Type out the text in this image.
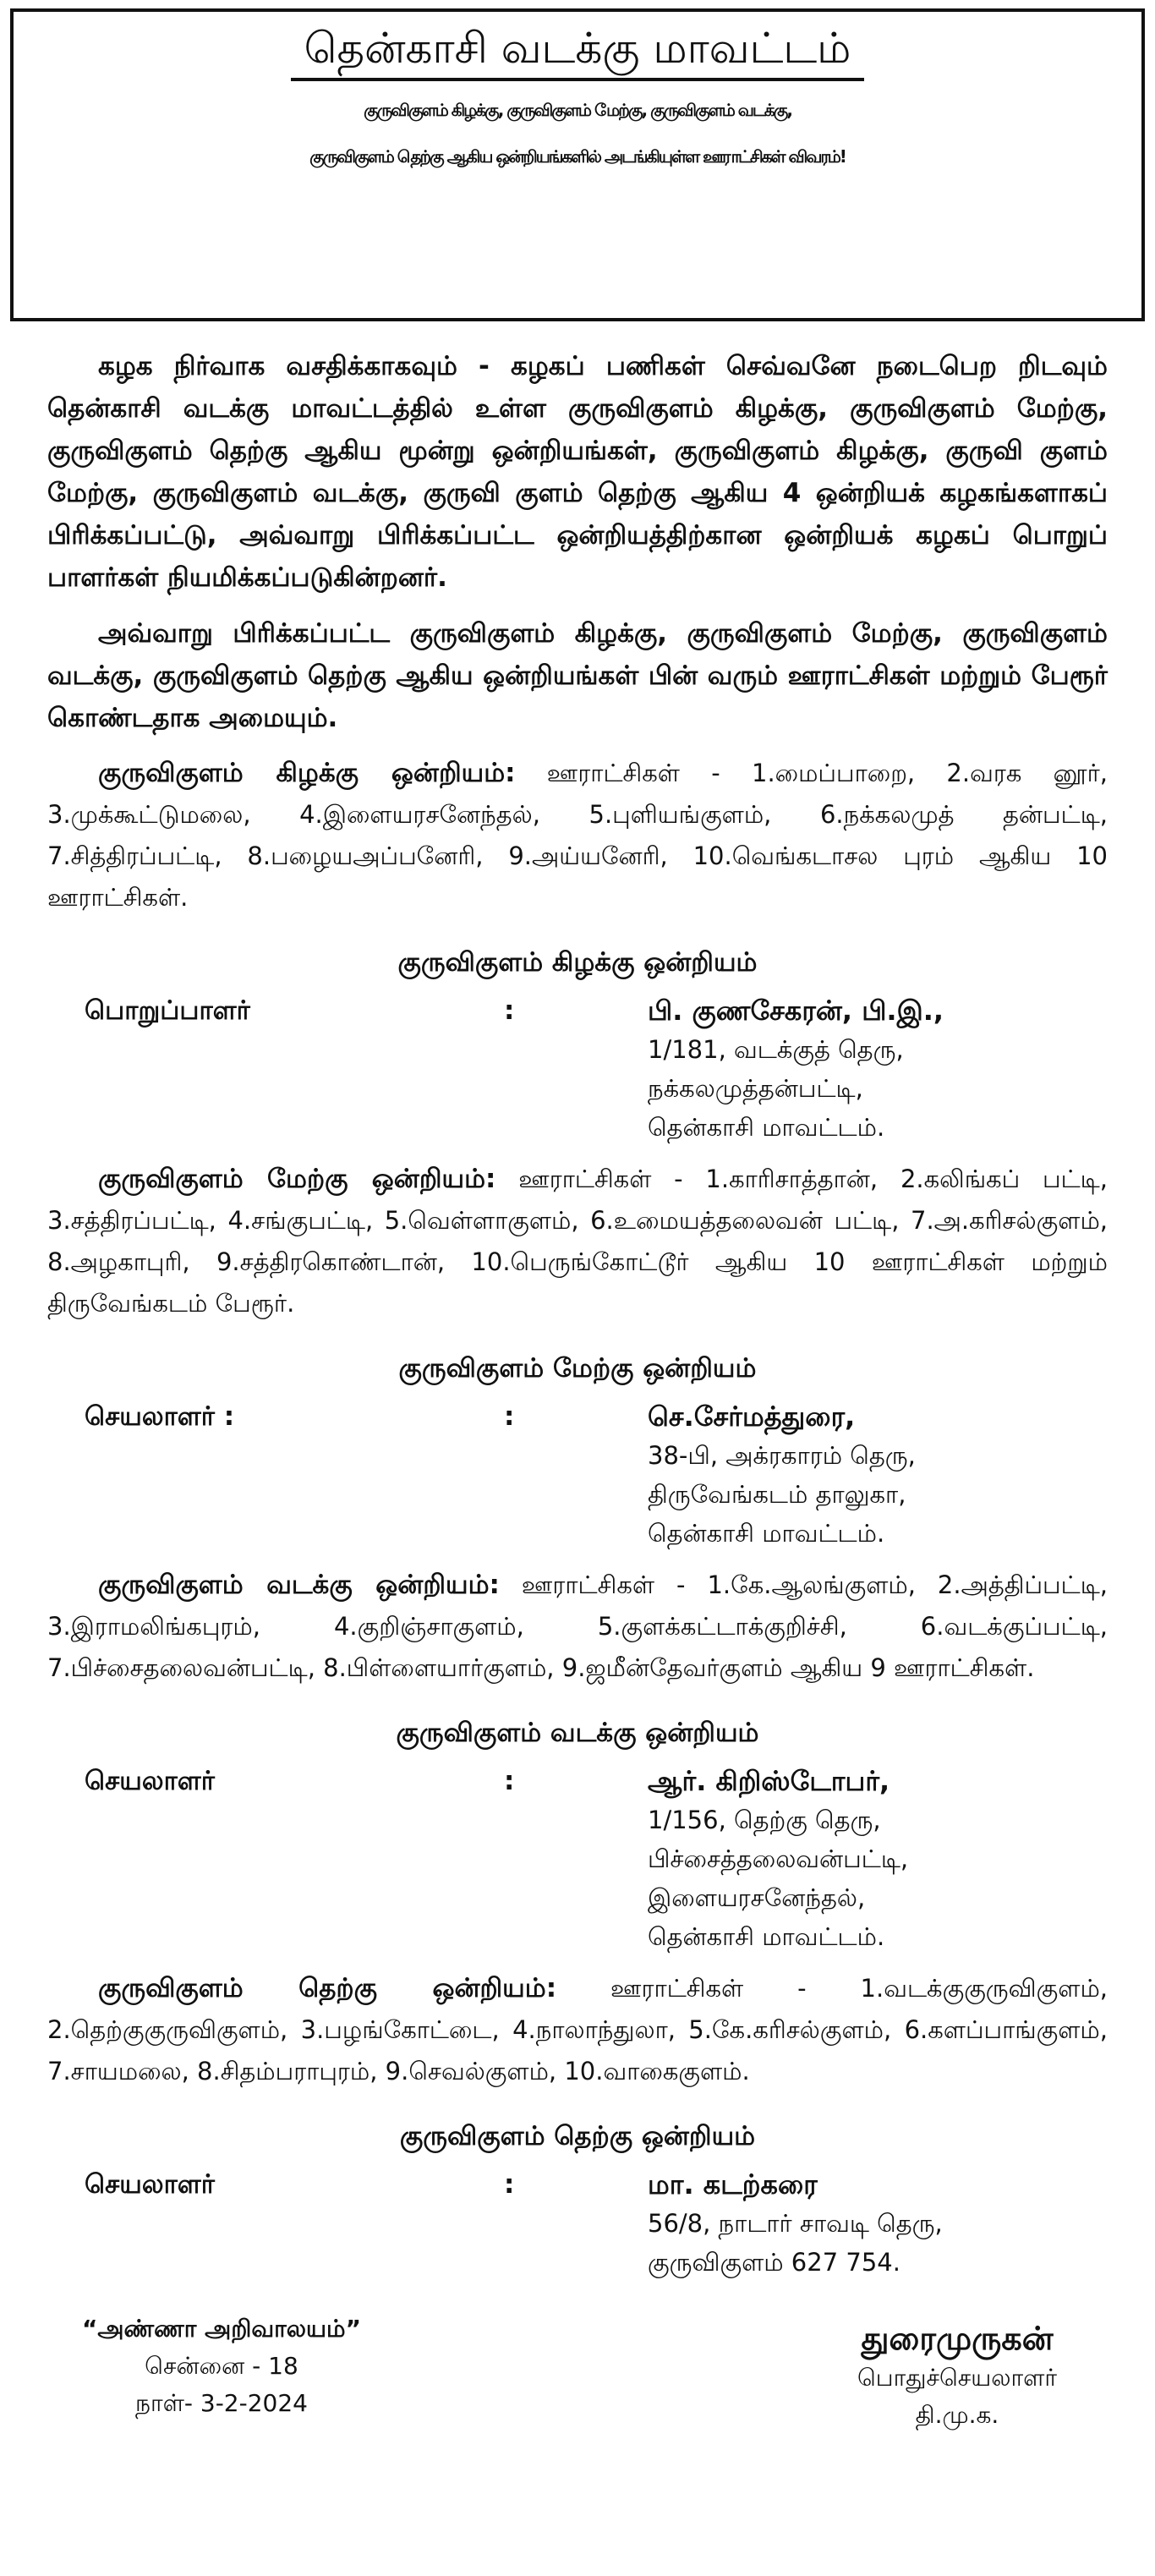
தென்காசி வடக்கு மாவட்டம்
குருவிகுளம் கிழக்கு, குருவிகுளம் மேற்கு, குருவிகுளம் வடக்கு,
குருவிகுளம் தெற்கு ஆகிய ஒன்றியங்களில் அடங்கியுள்ள ஊராட்சிகள் விவரம்!

கழக நிர்வாக வசதிக்காகவும் - கழகப் பணிகள் செவ்வனே நடைபெற றிடவும் தென்காசி வடக்கு மாவட்டத்தில் உள்ள குருவிகுளம் கிழக்கு, குருவிகுளம் மேற்கு, குருவிகுளம் தெற்கு ஆகிய மூன்று ஒன்றியங்கள், குருவிகுளம் கிழக்கு, குருவி குளம் மேற்கு, குருவிகுளம் வடக்கு, குருவி குளம் தெற்கு ஆகிய 4 ஒன்றியக் கழகங்களாகப் பிரிக்கப்பட்டு, அவ்வாறு பிரிக்கப்பட்ட ஒன்றியத்திற்கான ஒன்றியக் கழகப் பொறுப் பாளர்கள் நியமிக்கப்படுகின்றனர்.

அவ்வாறு பிரிக்கப்பட்ட குருவிகுளம் கிழக்கு, குருவிகுளம் மேற்கு, குருவிகுளம் வடக்கு, குருவிகுளம் தெற்கு ஆகிய ஒன்றியங்கள் பின் வரும் ஊராட்சிகள் மற்றும் பேரூர் கொண்டதாக அமையும்.

குருவிகுளம் கிழக்கு ஒன்றியம்: ஊராட்சிகள் - 1.மைப்பாறை, 2.வரக னூர், 3.முக்கூட்டுமலை, 4.இளையரசனேந்தல், 5.புளியங்குளம், 6.நக்கலமுத் தன்பட்டி, 7.சித்திரப்பட்டி, 8.பழையஅப்பனேரி, 9.அய்யனேரி, 10.வெங்கடாசல புரம் ஆகிய 10 ஊராட்சிகள்.

குருவிகுளம் கிழக்கு ஒன்றியம்
பொறுப்பாளர்	:	பி. குணசேகரன், பி.இ.,
1/181, வடக்குத் தெரு,
நக்கலமுத்தன்பட்டி,
தென்காசி மாவட்டம்.

குருவிகுளம் மேற்கு ஒன்றியம்: ஊராட்சிகள் - 1.காரிசாத்தான், 2.கலிங்கப் பட்டி, 3.சத்திரப்பட்டி, 4.சங்குபட்டி, 5.வெள்ளாகுளம், 6.உமையத்தலைவன் பட்டி, 7.அ.கரிசல்குளம், 8.அழகாபுரி, 9.சத்திரகொண்டான், 10.பெருங்கோட்டூர் ஆகிய 10 ஊராட்சிகள் மற்றும் திருவேங்கடம் பேரூர்.

குருவிகுளம் மேற்கு ஒன்றியம்
செயலாளர் :	:	செ.சேர்மத்துரை,
38-பி, அக்ரகாரம் தெரு,
திருவேங்கடம் தாலுகா,
தென்காசி மாவட்டம்.

குருவிகுளம் வடக்கு ஒன்றியம்: ஊராட்சிகள் - 1.கே.ஆலங்குளம், 2.அத்திப்பட்டி, 3.இராமலிங்கபுரம், 4.குறிஞ்சாகுளம், 5.குளக்கட்டாக்குறிச்சி, 6.வடக்குப்பட்டி, 7.பிச்சைதலைவன்பட்டி, 8.பிள்ளையார்குளம், 9.ஜமீன்தேவர்குளம் ஆகிய 9 ஊராட்சிகள்.

குருவிகுளம் வடக்கு ஒன்றியம்
செயலாளர்	:	ஆர். கிறிஸ்டோபர்,
1/156, தெற்கு தெரு,
பிச்சைத்தலைவன்பட்டி,
இளையரசனேந்தல்,
தென்காசி மாவட்டம்.

குருவிகுளம் தெற்கு ஒன்றியம்: ஊராட்சிகள் - 1.வடக்குகுருவிகுளம், 2.தெற்குகுருவிகுளம், 3.பழங்கோட்டை, 4.நாலாந்துலா, 5.கே.கரிசல்குளம், 6.களப்பாங்குளம், 7.சாயமலை, 8.சிதம்பராபுரம், 9.செவல்குளம், 10.வாகைகுளம்.

குருவிகுளம் தெற்கு ஒன்றியம்
செயலாளர்	:	மா. கடற்கரை
56/8, நாடார் சாவடி தெரு,
குருவிகுளம் 627 754.
“அண்ணா அறிவாலயம்”
சென்னை - 18
நாள்- 3-2-2024
துரைமுருகன்
பொதுச்செயலாளர்
தி.மு.க.
